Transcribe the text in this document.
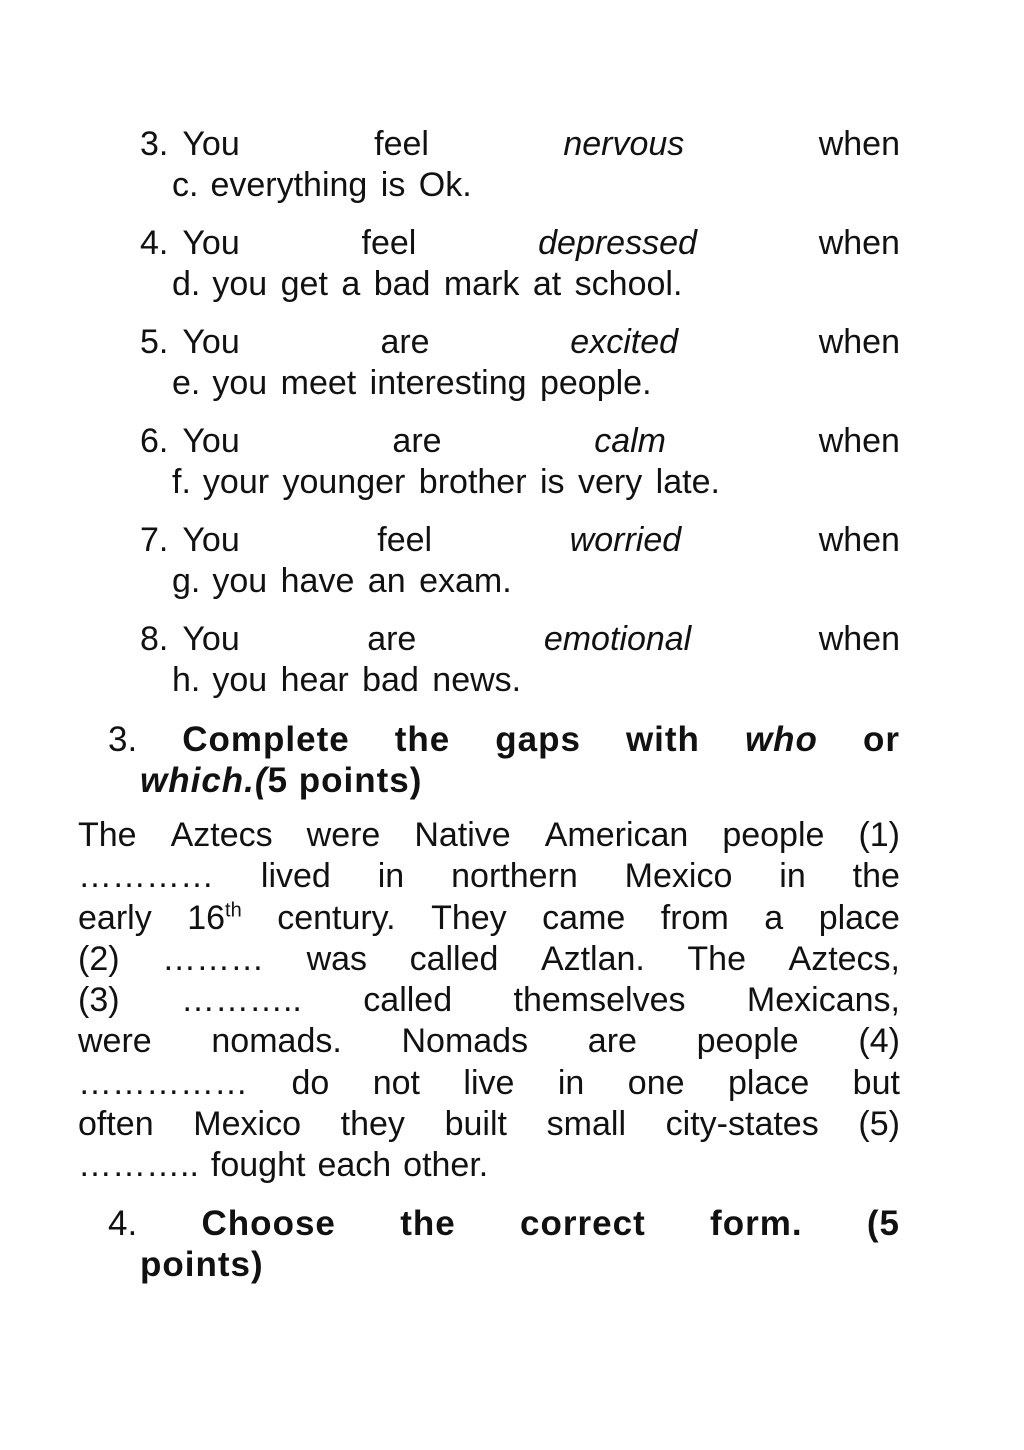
3. You	feel	nervous	when
c. everything is Ok.
4. You	feel	depressed	when
d. you get a bad mark at school.
5. You	are	excited	when
e. you meet interesting people.
6. You	are	calm	when
f. your younger brother is very late.
7. You	feel	worried	when
g. you have an exam.
8. You	are	emotional	when
h. you hear bad news.
3. Complete the gaps with who or
which.(5 points)
The Aztecs were Native American people (1)
………… lived in northern Mexico in the
early 16th century. They came from a place
(2) ……… was called Aztlan. The Aztecs,
(3) ……….. called themselves Mexicans,
were nomads. Nomads are people (4)
…………… do not live in one place but
often Mexico they built small city-states (5)
……….. fought each other.
4. Choose the correct form. (5
points)
